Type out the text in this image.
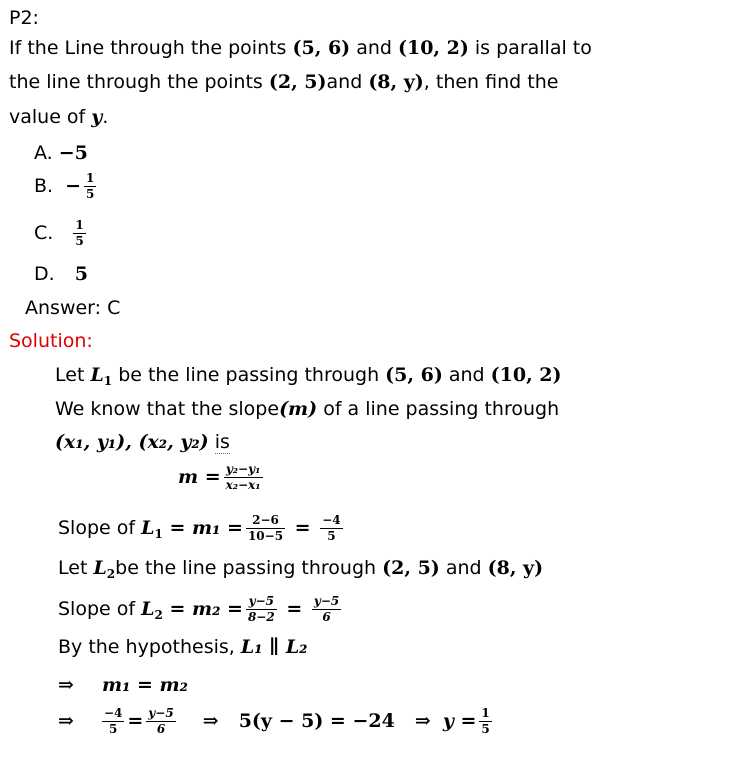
P2:
If the Line through the points (5, 6) and (10, 2) is parallal to
the line through the points (2, 5)and (8, y), then find the
value of y.
A. −5
B. − $\frac{1}{5}$
C. $\frac{1}{5}$
D. 5
Answer: C
Solution:
Let $L_1$ be the line passing through (5, 6) and (10, 2)
We know that the slope(m) of a line passing through
(x₁, y₁), (x₂, y₂) is
$m = \frac{\text{y₂−y₁}}{\text{x₂−x₁}}$
Slope of $L_1 = m_1 = \frac{2-6}{10-5} = \frac{-4}{5}$
Let $L_2be$ the line passing through (2, 5) and (8, y)
Slope of $L_2 = m_2 = \frac{y-5}{8-2} = \frac{y-5}{6}$
By the hypothesis, L₁ ∥ L₂
⇒ m₁ = m₂
⇒ $\frac{-4}{5} = \frac{y-5}{6}$ ⇒ 5(y − 5) = −24 ⇒ $y = \frac{1}{5}$
